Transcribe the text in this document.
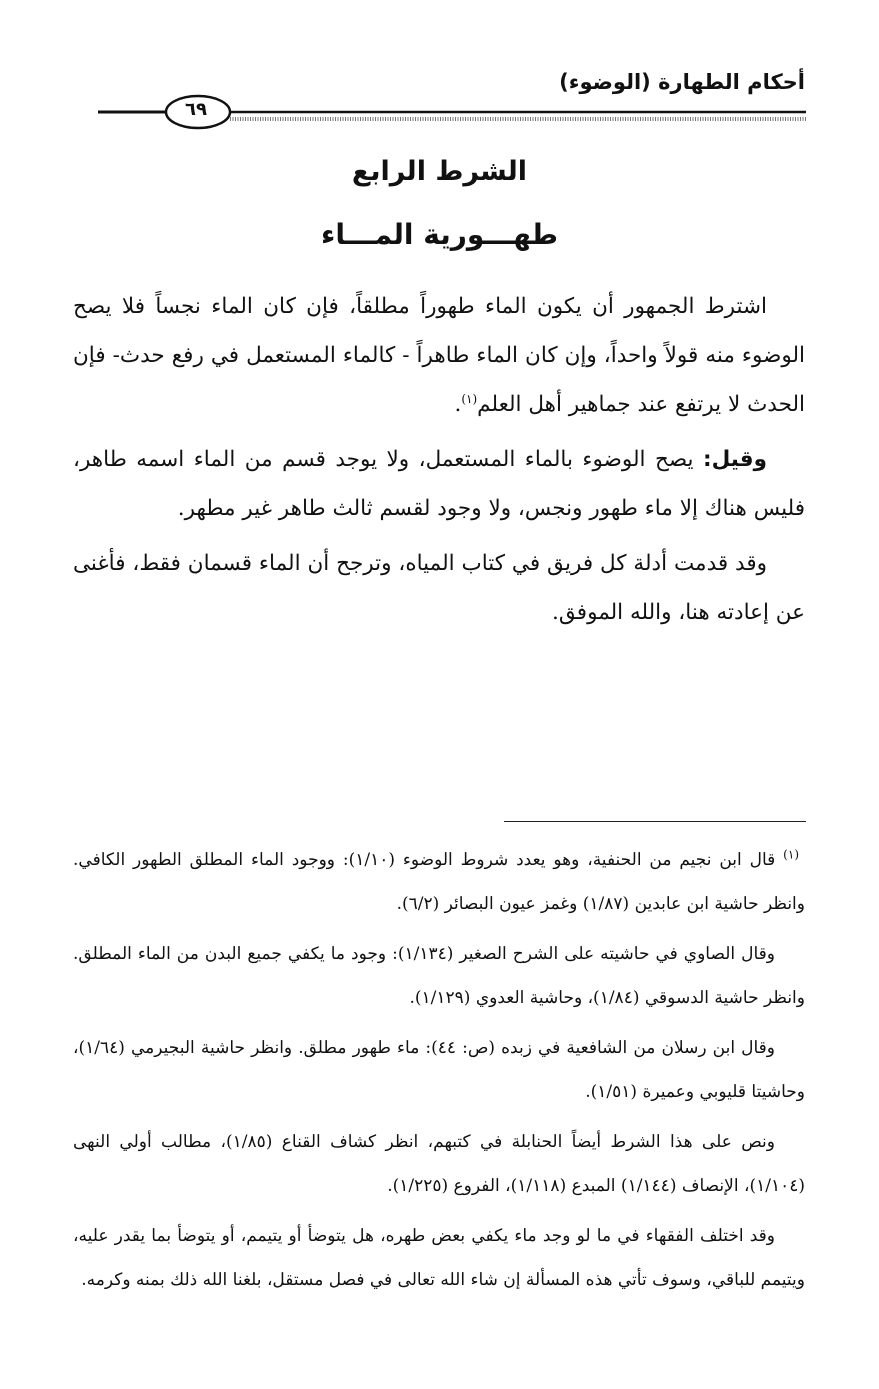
أحكام الطهارة (الوضوء)
٦٩
الشرط الرابع
طهـــورية المـــاء

اشترط الجمهور أن يكون الماء طهوراً مطلقاً، فإن كان الماء نجساً فلا يصح الوضوء منه قولاً واحداً، وإن كان الماء طاهراً - كالماء المستعمل في رفع حدث- فإن الحدث لا يرتفع عند جماهير أهل العلم$^{(١)}$.

وقيل: يصح الوضوء بالماء المستعمل، ولا يوجد قسم من الماء اسمه طاهر، فليس هناك إلا ماء طهور ونجس، ولا وجود لقسم ثالث طاهر غير مطهر.

وقد قدمت أدلة كل فريق في كتاب المياه، وترجح أن الماء قسمان فقط، فأغنى عن إعادته هنا، والله الموفق.

$^{(١)}$ قال ابن نجيم من الحنفية، وهو يعدد شروط الوضوء (١/١٠): ووجود الماء المطلق الطهور الكافي. وانظر حاشية ابن عابدين (١/٨٧) وغمز عيون البصائر (٦/٢).

وقال الصاوي في حاشيته على الشرح الصغير (١/١٣٤): وجود ما يكفي جميع البدن من الماء المطلق. وانظر حاشية الدسوقي (١/٨٤)، وحاشية العدوي (١/١٢٩).

وقال ابن رسلان من الشافعية في زبده (ص: ٤٤): ماء طهور مطلق. وانظر حاشية البجيرمي (١/٦٤)، وحاشيتا قليوبي وعميرة (١/٥١).

ونص على هذا الشرط أيضاً الحنابلة في كتبهم، انظر كشاف القناع (١/٨٥)، مطالب أولي النهى (١/١٠٤)، الإنصاف (١/١٤٤) المبدع (١/١١٨)، الفروع (١/٢٢٥).

وقد اختلف الفقهاء في ما لو وجد ماء يكفي بعض طهره، هل يتوضأ أو يتيمم، أو يتوضأ بما يقدر عليه، ويتيمم للباقي، وسوف تأتي هذه المسألة إن شاء الله تعالى في فصل مستقل، بلغنا الله ذلك بمنه وكرمه.
